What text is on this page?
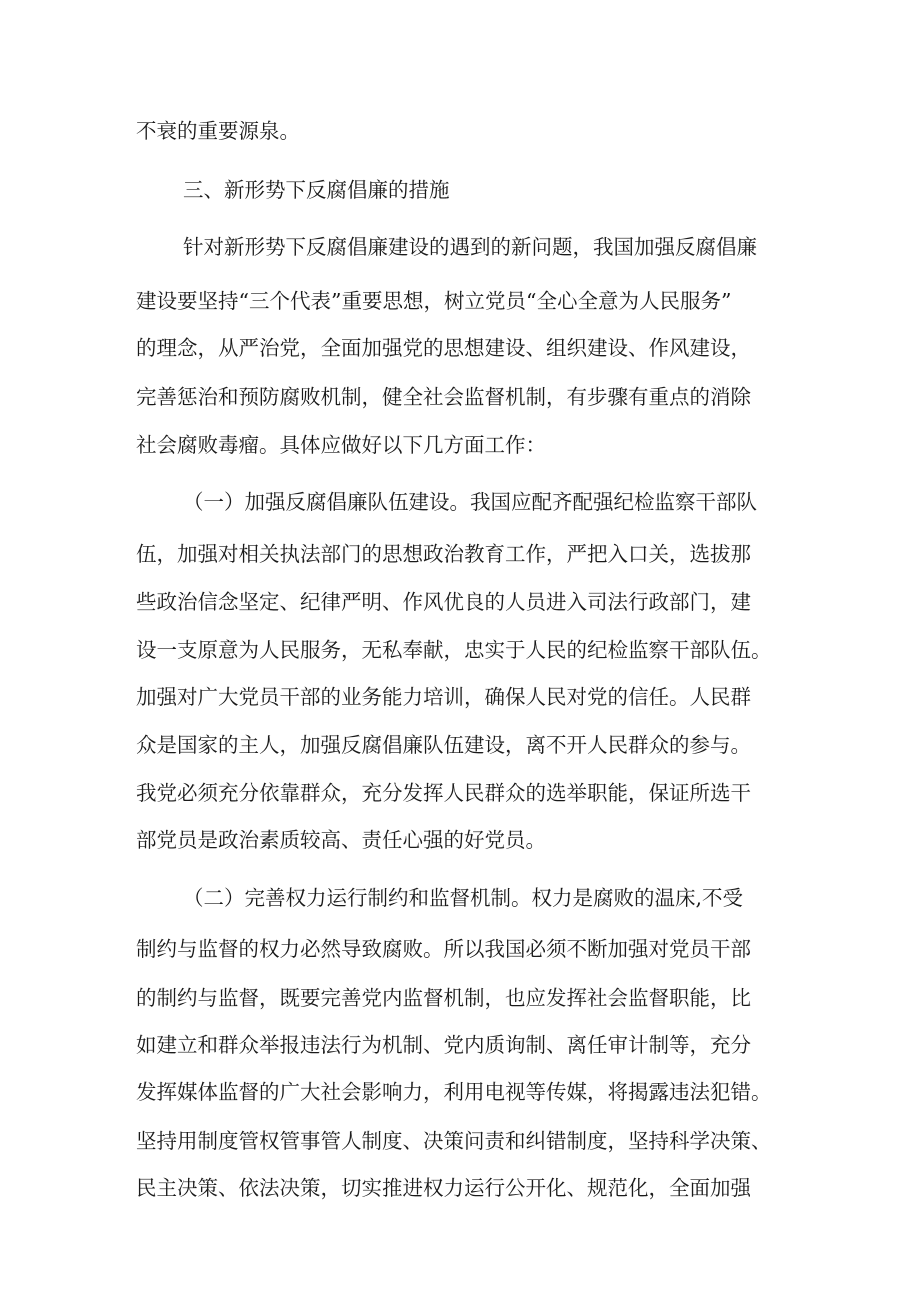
不衰的重要源泉。
三、新形势下反腐倡廉的措施
针对新形势下反腐倡廉建设的遇到的新问题，我国加强反腐倡廉
建设要坚持“三个代表”重要思想，树立党员“全心全意为人民服务”
的理念，从严治党，全面加强党的思想建设、组织建设、作风建设，
完善惩治和预防腐败机制，健全社会监督机制，有步骤有重点的消除
社会腐败毒瘤。具体应做好以下几方面工作：
（一）加强反腐倡廉队伍建设。我国应配齐配强纪检监察干部队
伍，加强对相关执法部门的思想政治教育工作，严把入口关，选拔那
些政治信念坚定、纪律严明、作风优良的人员进入司法行政部门，建
设一支原意为人民服务，无私奉献，忠实于人民的纪检监察干部队伍。
加强对广大党员干部的业务能力培训，确保人民对党的信任。人民群
众是国家的主人，加强反腐倡廉队伍建设，离不开人民群众的参与。
我党必须充分依靠群众，充分发挥人民群众的选举职能，保证所选干
部党员是政治素质较高、责任心强的好党员。
（二）完善权力运行制约和监督机制。权力是腐败的温床,不受
制约与监督的权力必然导致腐败。所以我国必须不断加强对党员干部
的制约与监督，既要完善党内监督机制，也应发挥社会监督职能，比
如建立和群众举报违法行为机制、党内质询制、离任审计制等，充分
发挥媒体监督的广大社会影响力，利用电视等传媒，将揭露违法犯错。
坚持用制度管权管事管人制度、决策问责和纠错制度，坚持科学决策、
民主决策、依法决策，切实推进权力运行公开化、规范化，全面加强
